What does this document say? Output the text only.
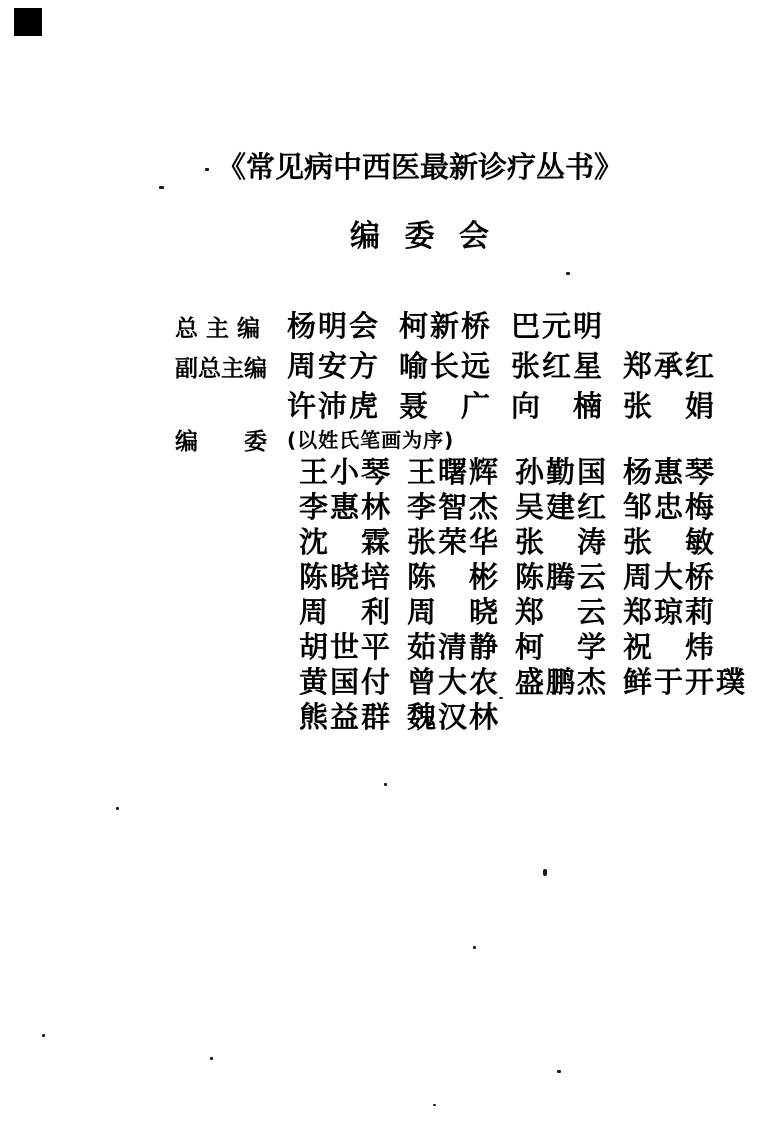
《常见病中西医最新诊疗丛书》
编 委 会
总 主 编 杨明会 柯新桥 巴元明
副总主编 周安方 喻长远 张红星 郑承红
许沛虎 聂　广 向　楠 张　娟
编　　委 (以姓氏笔画为序)
王小琴 王曙辉 孙勤国 杨惠琴
李惠林 李智杰 吴建红 邹忠梅
沈　霖 张荣华 张　涛 张　敏
陈晓培 陈　彬 陈腾云 周大桥
周　利 周　晓 郑　云 郑琼莉
胡世平 茹清静 柯　学 祝　炜
黄国付 曾大农 盛鹏杰 鲜于开璞
熊益群 魏汉林
